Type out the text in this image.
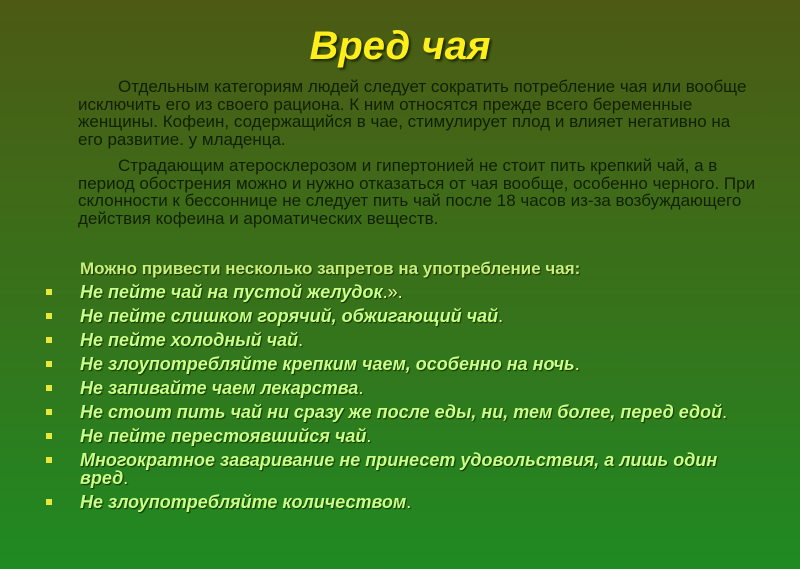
Вред чая
Отдельным категориям людей следует сократить потребление чая или вообще исключить его из своего рациона. К ним относятся прежде всего беременные женщины. Кофеин, содержащийся в чае, стимулирует плод и влияет негативно на его развитие. у младенца.
Страдающим атеросклерозом и гипертонией не стоит пить крепкий чай, а в период обострения можно и нужно отказаться от чая вообще, особенно черного. При склонности к бессоннице не следует пить чай после 18 часов из-за возбуждающего действия кофеина и ароматических веществ.
Можно привести несколько запретов на употребление чая:
Не пейте чай на пустой желудок.».
Не пейте слишком горячий, обжигающий чай.
Не пейте холодный чай.
Не злоупотребляйте крепким чаем, особенно на ночь.
Не запивайте чаем лекарства.
Не стоит пить чай ни сразу же после еды, ни, тем более, перед едой.
Не пейте перестоявшийся чай.
Многократное заваривание не принесет удовольствия, а лишь один вред.
Не злоупотребляйте количеством.
